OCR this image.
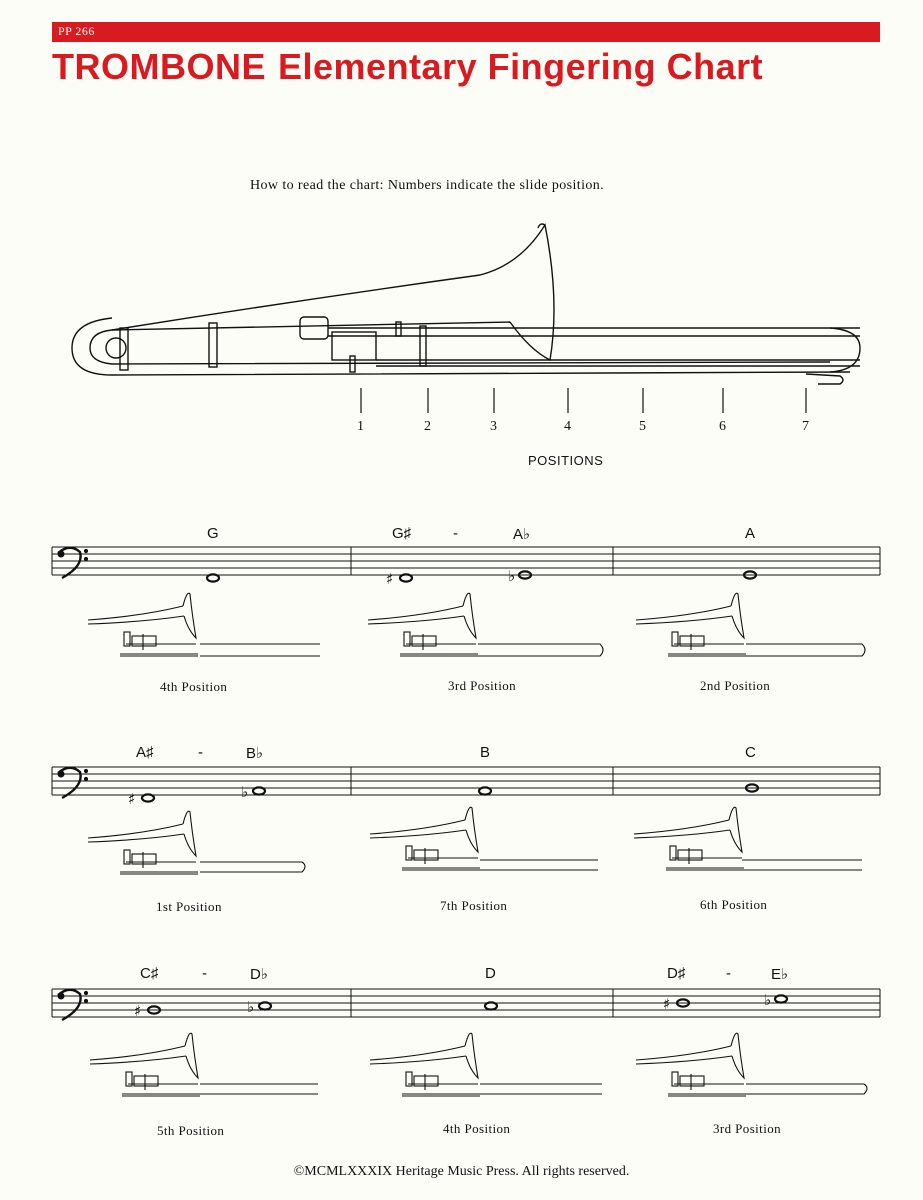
PP 266
TROMBONE Elementary Fingering Chart
How to read the chart: Numbers indicate the slide position.
♯	♭
♯	♭
♯	♭	♯	♭
1	2	3	4	5	6	7
POSITIONS
G	G♯	-	A♭	A
A♯	-	B♭	B	C
C♯	-	D♭	D	D♯	-	E♭
4th Position	3rd Position	2nd Position
1st Position	7th Position	6th Position
5th Position	4th Position	3rd Position
©MCMLXXXIX Heritage Music Press. All rights reserved.
